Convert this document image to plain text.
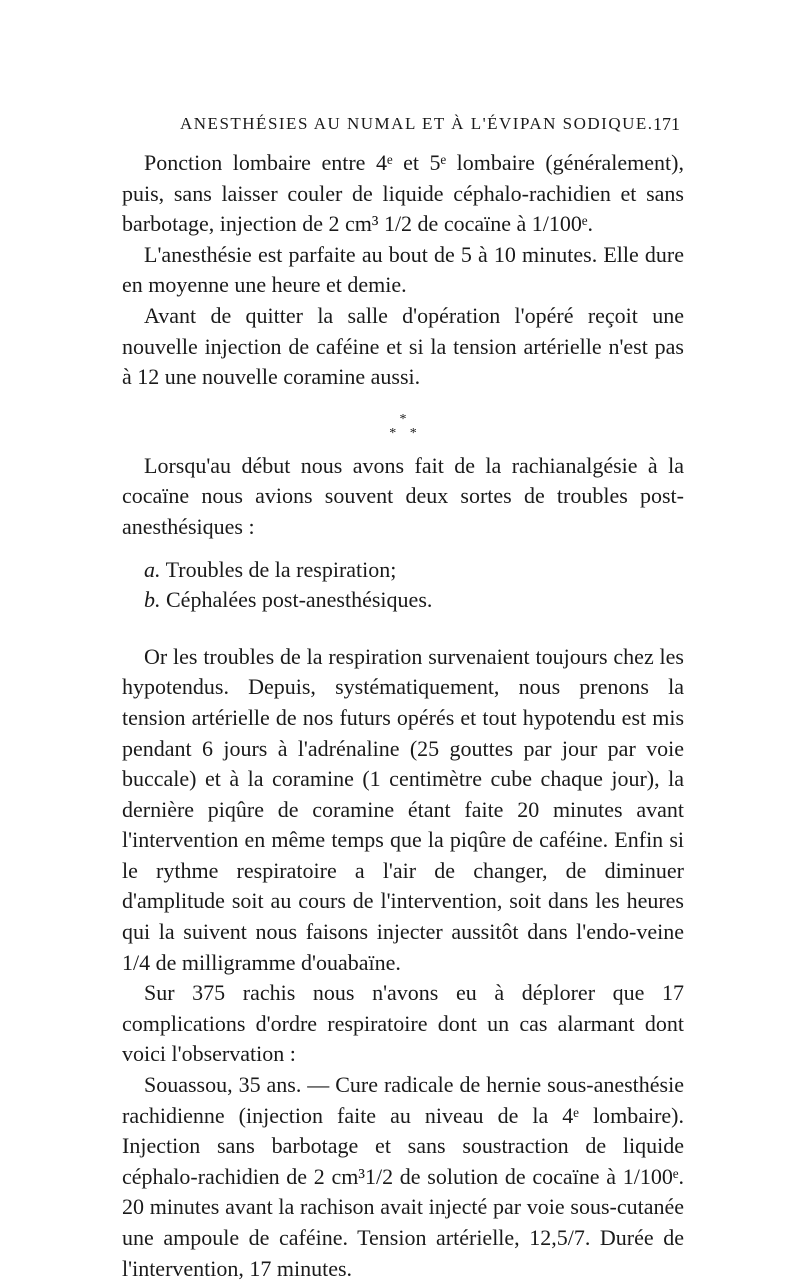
ANESTHÉSIES AU NUMAL ET À L'ÉVIPAN SODIQUE. 171

Ponction lombaire entre 4ᵉ et 5ᵉ lombaire (généralement), puis, sans laisser couler de liquide céphalo-rachidien et sans barbotage, injection de 2 cm³ 1/2 de cocaïne à 1/100ᵉ.

L'anesthésie est parfaite au bout de 5 à 10 minutes. Elle dure en moyenne une heure et demie.

Avant de quitter la salle d'opération l'opéré reçoit une nouvelle injection de caféine et si la tension artérielle n'est pas à 12 une nouvelle coramine aussi.

*
* *

Lorsqu'au début nous avons fait de la rachianalgésie à la cocaïne nous avions souvent deux sortes de troubles post-anesthésiques :

a. Troubles de la respiration;

b. Céphalées post-anesthésiques.

Or les troubles de la respiration survenaient toujours chez les hypotendus. Depuis, systématiquement, nous prenons la tension artérielle de nos futurs opérés et tout hypotendu est mis pendant 6 jours à l'adrénaline (25 gouttes par jour par voie buccale) et à la coramine (1 centimètre cube chaque jour), la dernière piqûre de coramine étant faite 20 minutes avant l'intervention en même temps que la piqûre de caféine. Enfin si le rythme respiratoire a l'air de changer, de diminuer d'amplitude soit au cours de l'intervention, soit dans les heures qui la suivent nous faisons injecter aussitôt dans l'endo-veine 1/4 de milligramme d'ouabaïne.

Sur 375 rachis nous n'avons eu à déplorer que 17 complications d'ordre respiratoire dont un cas alarmant dont voici l'observation :

Souassou, 35 ans. — Cure radicale de hernie sous-anesthésie rachidienne (injection faite au niveau de la 4ᵉ lombaire). Injection sans barbotage et sans soustraction de liquide céphalo-rachidien de 2 cm³1/2 de solution de cocaïne à 1/100ᵉ. 20 minutes avant la rachison avait injecté par voie sous-cutanée une ampoule de caféine. Tension artérielle, 12,5/7. Durée de l'intervention, 17 minutes.
